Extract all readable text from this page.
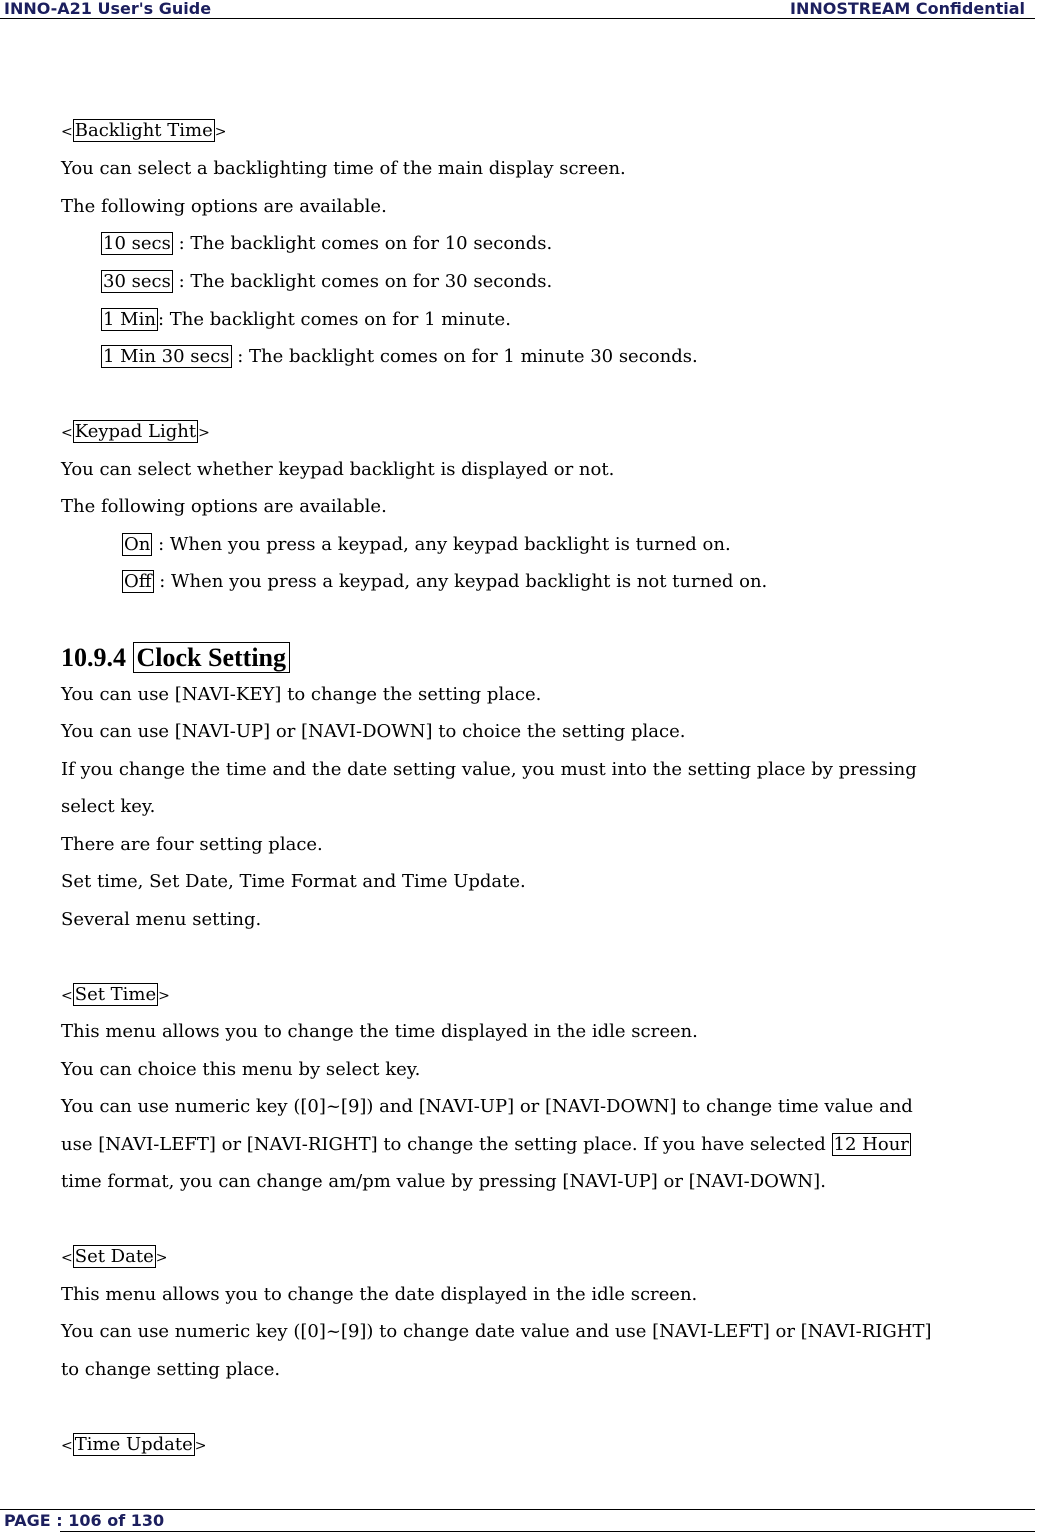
INNO-A21 User's Guide	INNOSTREAM Confidential
< Backlight Time >
You can select a backlighting time of the main display screen.
The following options are available.
10 secs : The backlight comes on for 10 seconds.
30 secs : The backlight comes on for 30 seconds.
1 Min : The backlight comes on for 1 minute.
1 Min 30 secs : The backlight comes on for 1 minute 30 seconds.
< Keypad Light >
You can select whether keypad backlight is displayed or not.
The following options are available.
On : When you press a keypad, any keypad backlight is turned on.
Off : When you press a keypad, any keypad backlight is not turned on.
10.9.4 Clock Setting
You can use [NAVI-KEY] to change the setting place.
You can use [NAVI-UP] or [NAVI-DOWN] to choice the setting place.
If you change the time and the date setting value, you must into the setting place by pressing
select key.
There are four setting place.
Set time, Set Date, Time Format and Time Update.
Several menu setting.
< Set Time >
This menu allows you to change the time displayed in the idle screen.
You can choice this menu by select key.
You can use numeric key ([0]~[9]) and [NAVI-UP] or [NAVI-DOWN] to change time value and
use [NAVI-LEFT] or [NAVI-RIGHT] to change the setting place. If you have selected 12 Hour
time format, you can change am/pm value by pressing [NAVI-UP] or [NAVI-DOWN].
< Set Date >
This menu allows you to change the date displayed in the idle screen.
You can use numeric key ([0]~[9]) to change date value and use [NAVI-LEFT] or [NAVI-RIGHT]
to change setting place.
< Time Update >
PAGE : 106 of 130
